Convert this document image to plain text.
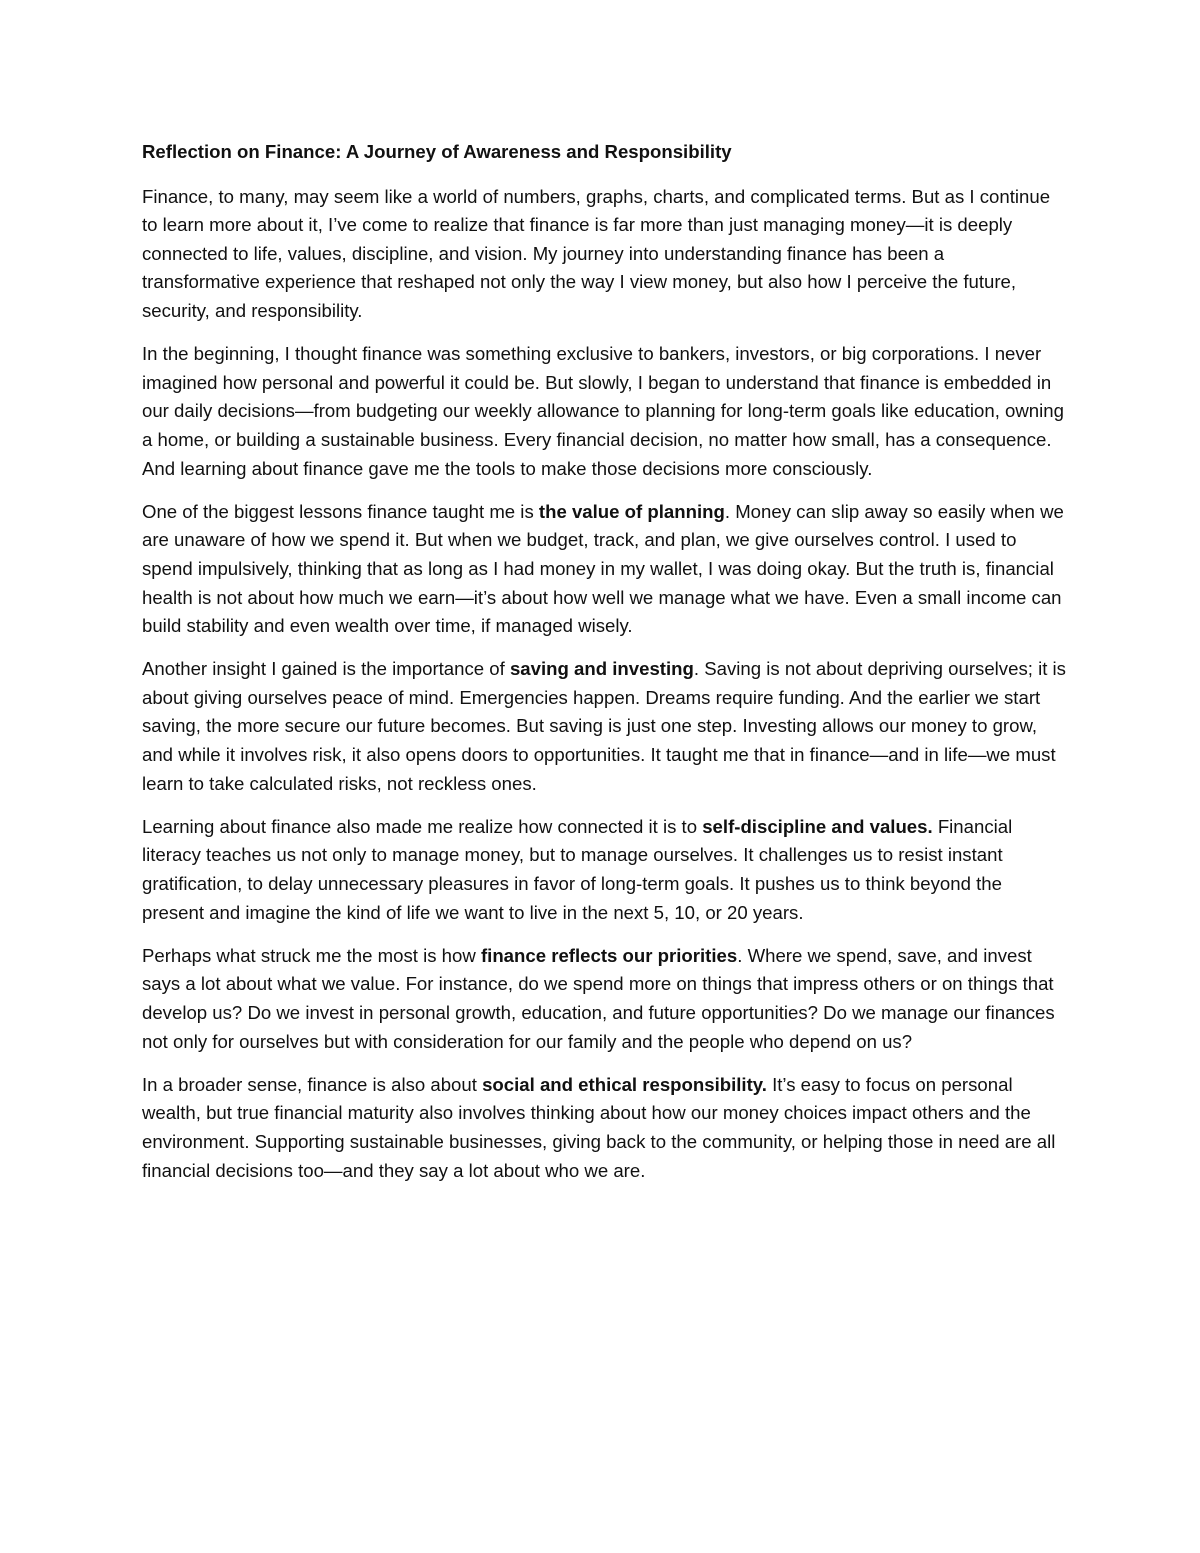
Reflection on Finance: A Journey of Awareness and Responsibility

Finance, to many, may seem like a world of numbers, graphs, charts, and complicated terms. But as I continue to learn more about it, I’ve come to realize that finance is far more than just managing money—it is deeply connected to life, values, discipline, and vision. My journey into understanding finance has been a transformative experience that reshaped not only the way I view money, but also how I perceive the future, security, and responsibility.

In the beginning, I thought finance was something exclusive to bankers, investors, or big corporations. I never imagined how personal and powerful it could be. But slowly, I began to understand that finance is embedded in our daily decisions—from budgeting our weekly allowance to planning for long-term goals like education, owning a home, or building a sustainable business. Every financial decision, no matter how small, has a consequence. And learning about finance gave me the tools to make those decisions more consciously.

One of the biggest lessons finance taught me is the value of planning. Money can slip away so easily when we are unaware of how we spend it. But when we budget, track, and plan, we give ourselves control. I used to spend impulsively, thinking that as long as I had money in my wallet, I was doing okay. But the truth is, financial health is not about how much we earn—it’s about how well we manage what we have. Even a small income can build stability and even wealth over time, if managed wisely.

Another insight I gained is the importance of saving and investing. Saving is not about depriving ourselves; it is about giving ourselves peace of mind. Emergencies happen. Dreams require funding. And the earlier we start saving, the more secure our future becomes. But saving is just one step. Investing allows our money to grow, and while it involves risk, it also opens doors to opportunities. It taught me that in finance—and in life—we must learn to take calculated risks, not reckless ones.

Learning about finance also made me realize how connected it is to self-discipline and values. Financial literacy teaches us not only to manage money, but to manage ourselves. It challenges us to resist instant gratification, to delay unnecessary pleasures in favor of long-term goals. It pushes us to think beyond the present and imagine the kind of life we want to live in the next 5, 10, or 20 years.

Perhaps what struck me the most is how finance reflects our priorities. Where we spend, save, and invest says a lot about what we value. For instance, do we spend more on things that impress others or on things that develop us? Do we invest in personal growth, education, and future opportunities? Do we manage our finances not only for ourselves but with consideration for our family and the people who depend on us?

In a broader sense, finance is also about social and ethical responsibility. It’s easy to focus on personal wealth, but true financial maturity also involves thinking about how our money choices impact others and the environment. Supporting sustainable businesses, giving back to the community, or helping those in need are all financial decisions too—and they say a lot about who we are.
